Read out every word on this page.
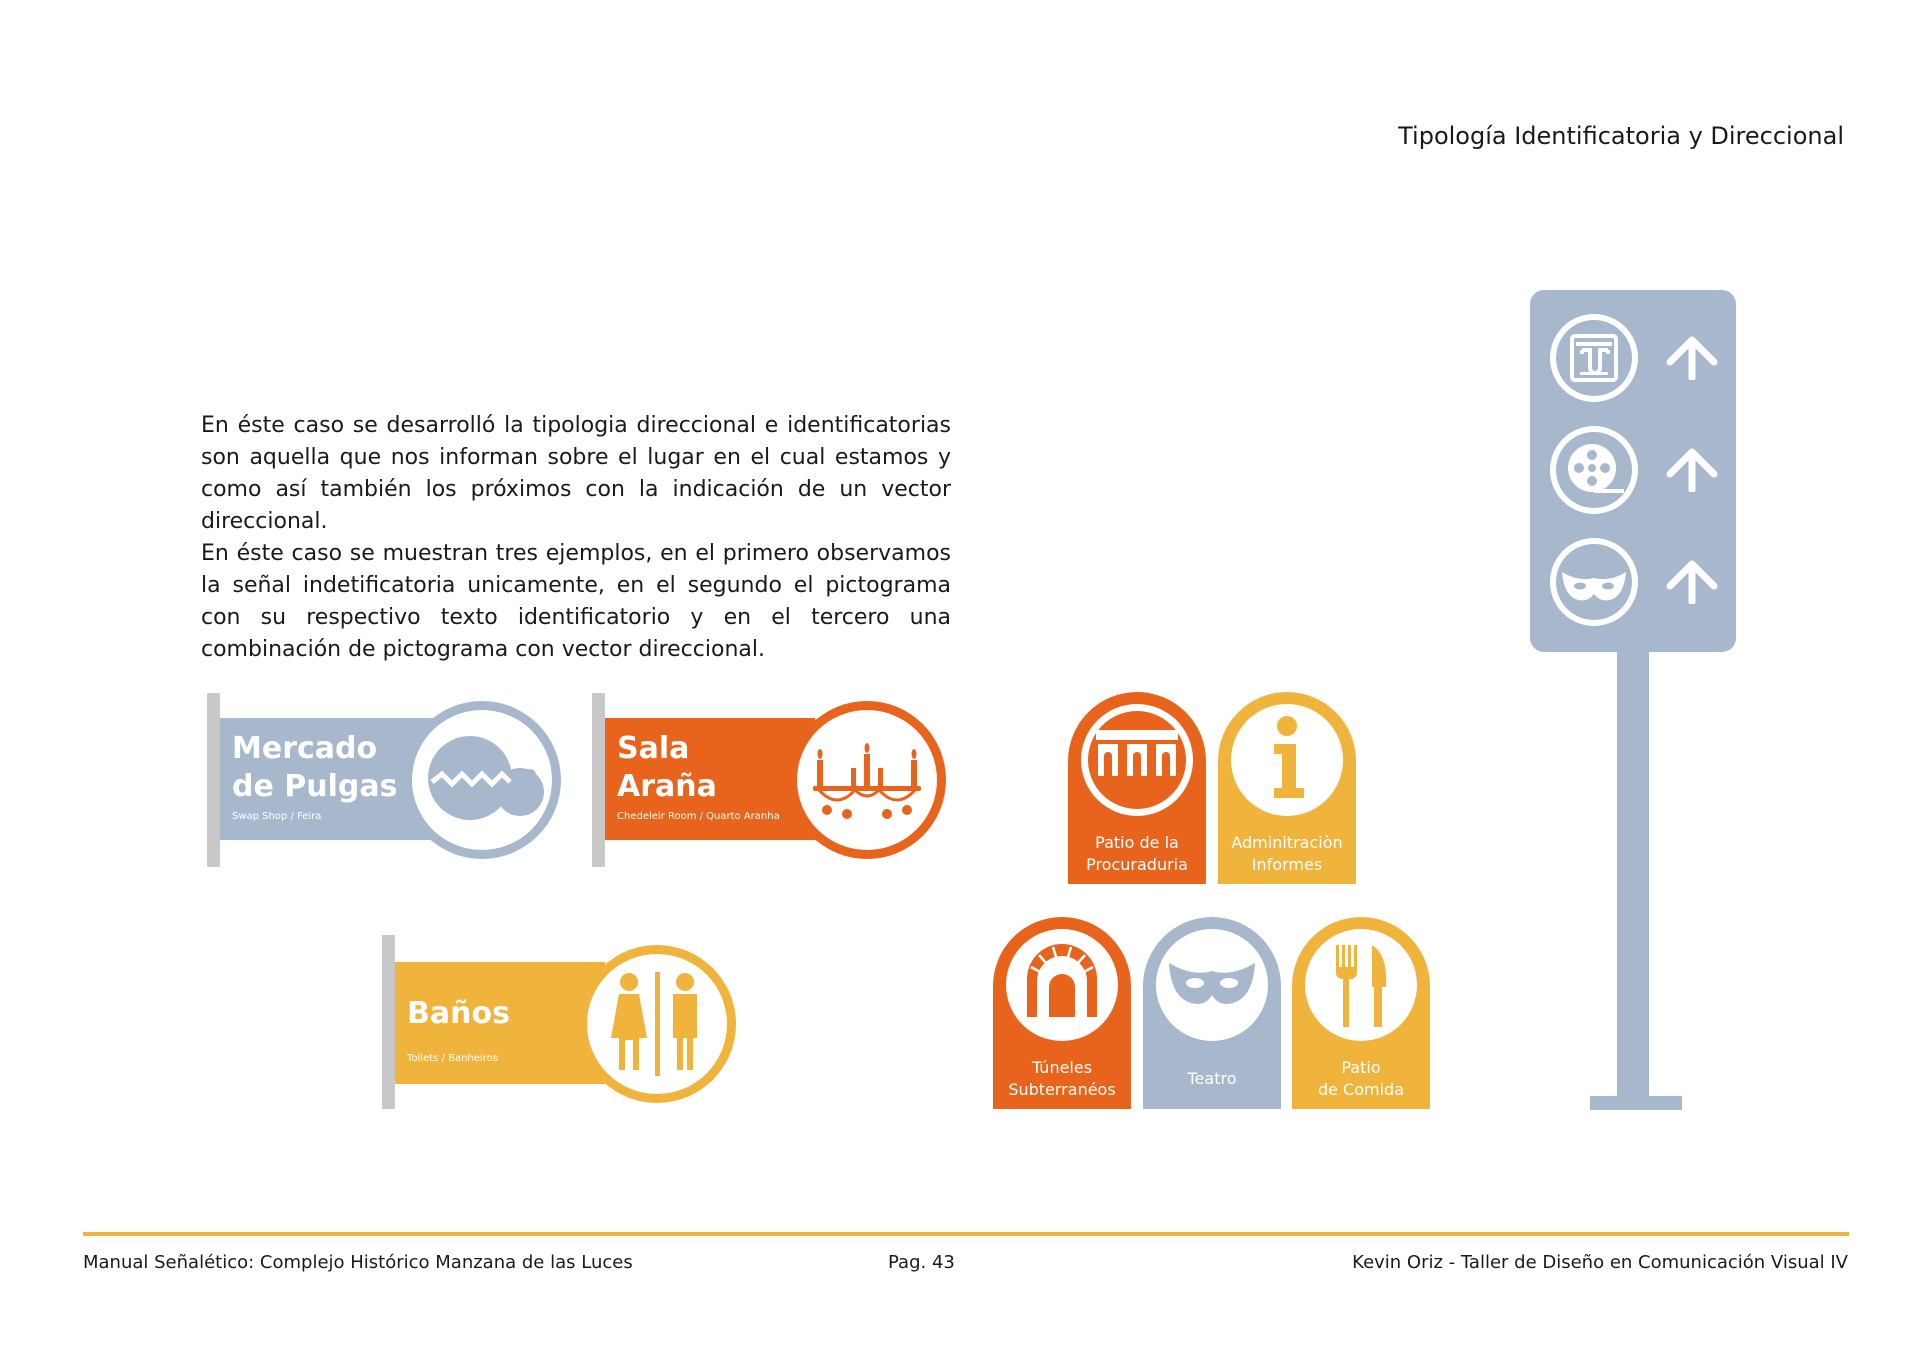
Tipología Identificatoria y Direccional

En éste caso se desarrolló la tipologia direccional e identificatorias son aquella que nos informan sobre el lugar en el cual estamos y como así también los próximos con la indicación de un vector direccional.

En éste caso se muestran tres ejemplos, en el primero observamos la señal indetificatoria unicamente, en el segundo el pictograma con su respectivo texto identificatorio y en el tercero una combinación de pictograma con vector direccional.

Mercado
de Pulgas
Swap Shop / Feira
Sala
Araña
Chedeleir Room / Quarto Aranha
Baños
Toilets / Banheiros
Patio de la
Procuraduria
Adminitraciòn
Informes
Túneles
Subterranéos
Teatro
Patio
de Comida
Manual Señalético: Complejo Histórico Manzana de las Luces	Pag. 43	Kevin Oriz - Taller de Diseño en Comunicación Visual IV
